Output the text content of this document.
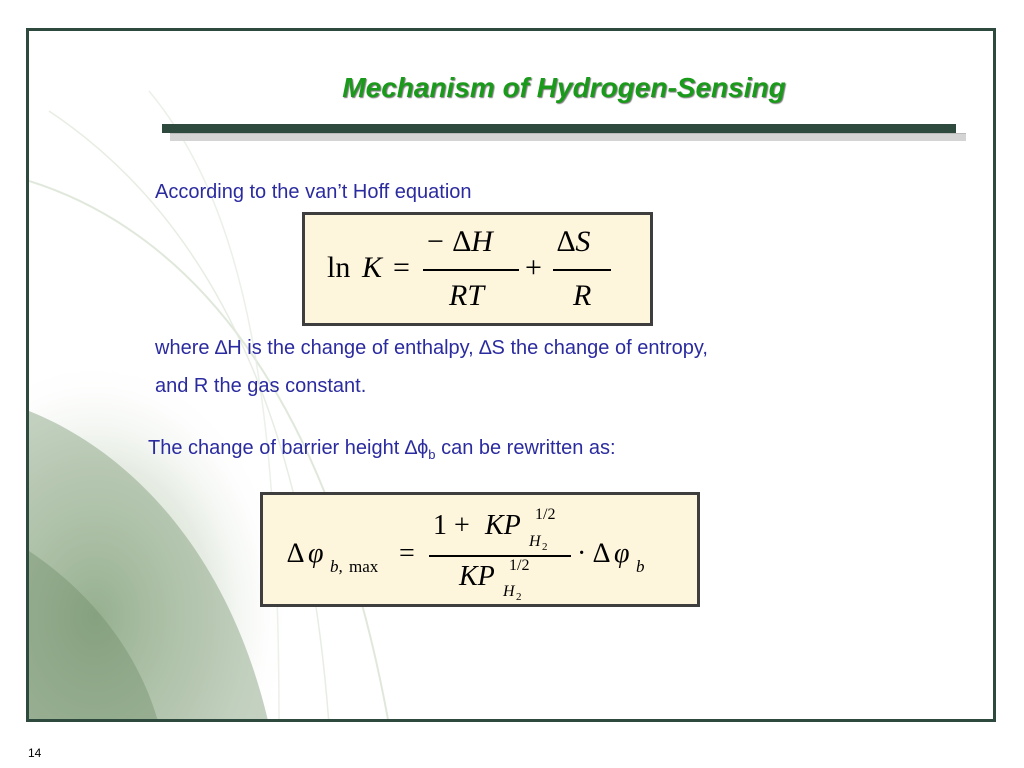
Mechanism of Hydrogen-Sensing
According to the van’t Hoff equation
ln K =
− ∆H
RT
+
∆S
R
where ∆H is the change of enthalpy, ∆S the change of entropy,
and R the gas constant.
The change of barrier height $\Delta\phi_b$ can be rewritten as:
∆ φ b, max =
1 + KP 1/2
H 2
KP 1/2
H 2
· ∆ φ b
14
